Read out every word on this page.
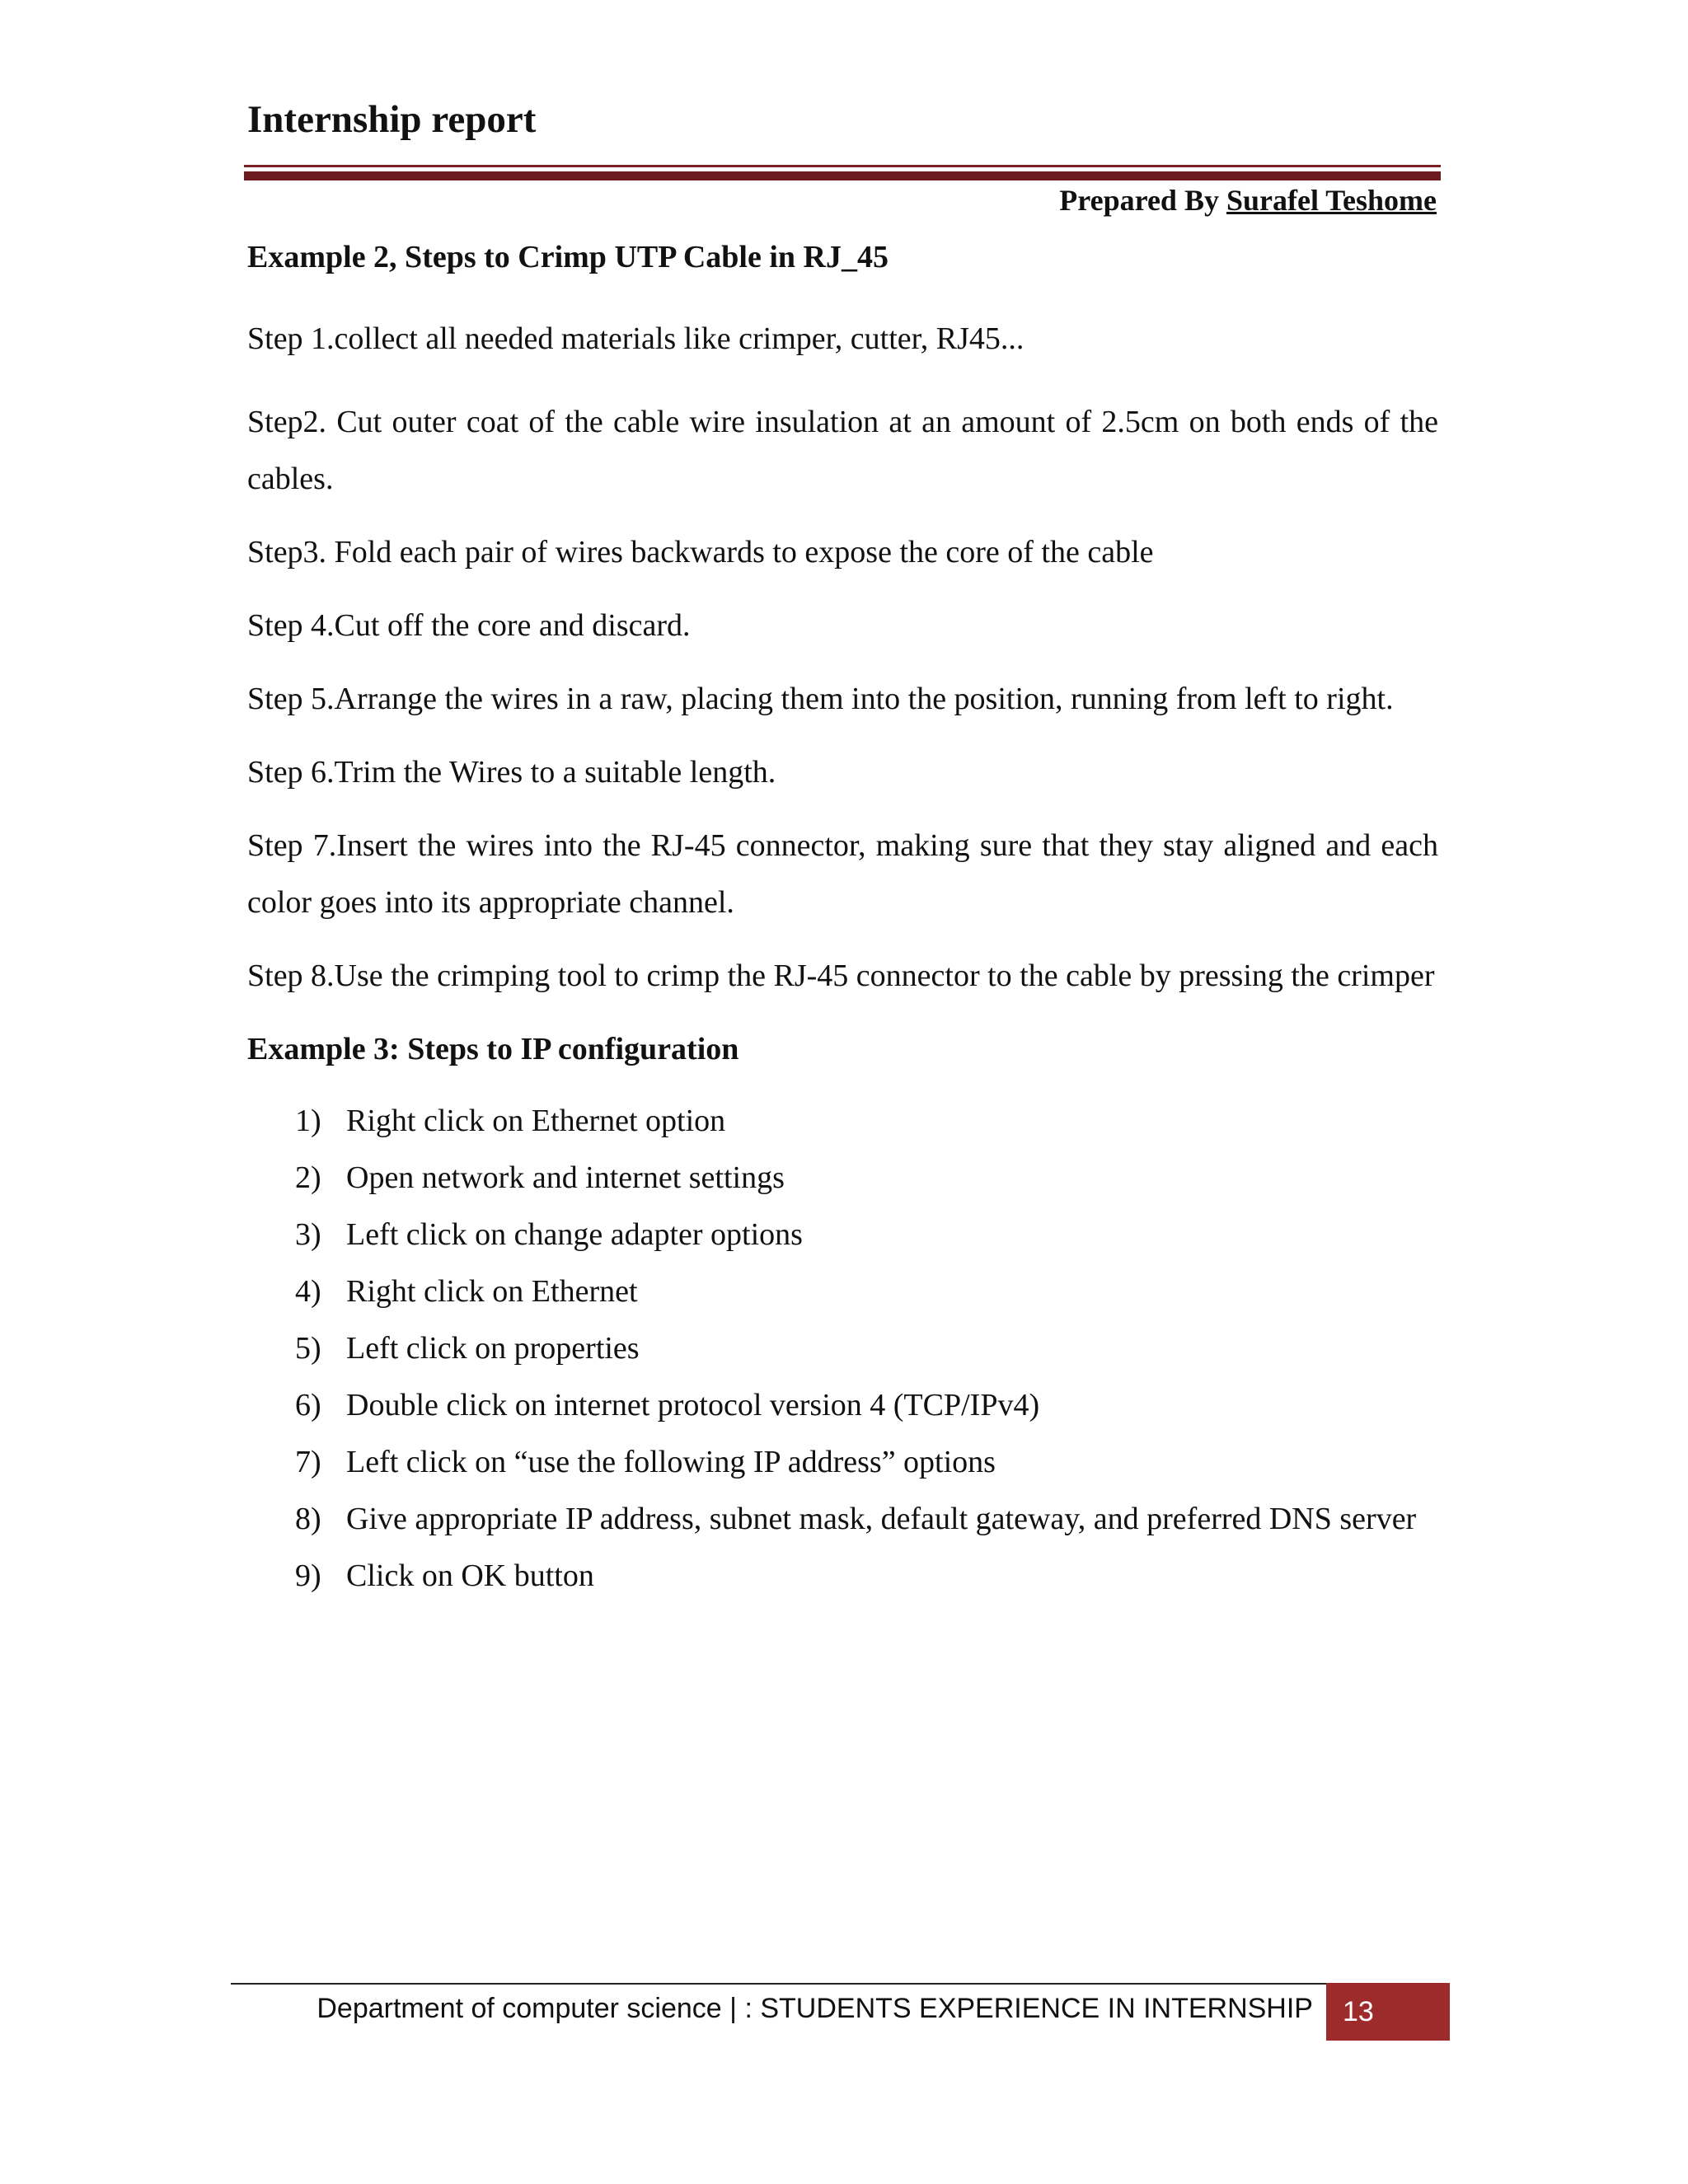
Internship report
Prepared By Surafel Teshome

Example 2, Steps to Crimp UTP Cable in RJ_45

Step 1.collect all needed materials like crimper, cutter, RJ45...

Step2. Cut outer coat of the cable wire insulation at an amount of 2.5cm on both ends of the cables.

Step3. Fold each pair of wires backwards to expose the core of the cable

Step 4.Cut off the core and discard.

Step 5.Arrange the wires in a raw, placing them into the position, running from left to right.

Step 6.Trim the Wires to a suitable length.

Step 7.Insert the wires into the RJ-45 connector, making sure that they stay aligned and each color goes into its appropriate channel.

Step 8.Use the crimping tool to crimp the RJ-45 connector to the cable by pressing the crimper

Example 3: Steps to IP configuration

1) Right click on Ethernet option
2) Open network and internet settings
3) Left click on change adapter options
4) Right click on Ethernet
5) Left click on properties
6) Double click on internet protocol version 4 (TCP/IPv4)
7) Left click on “use the following IP address” options
8) Give appropriate IP address, subnet mask, default gateway, and preferred DNS server
9) Click on OK button
Department of computer science | : STUDENTS EXPERIENCE IN INTERNSHIP	13
